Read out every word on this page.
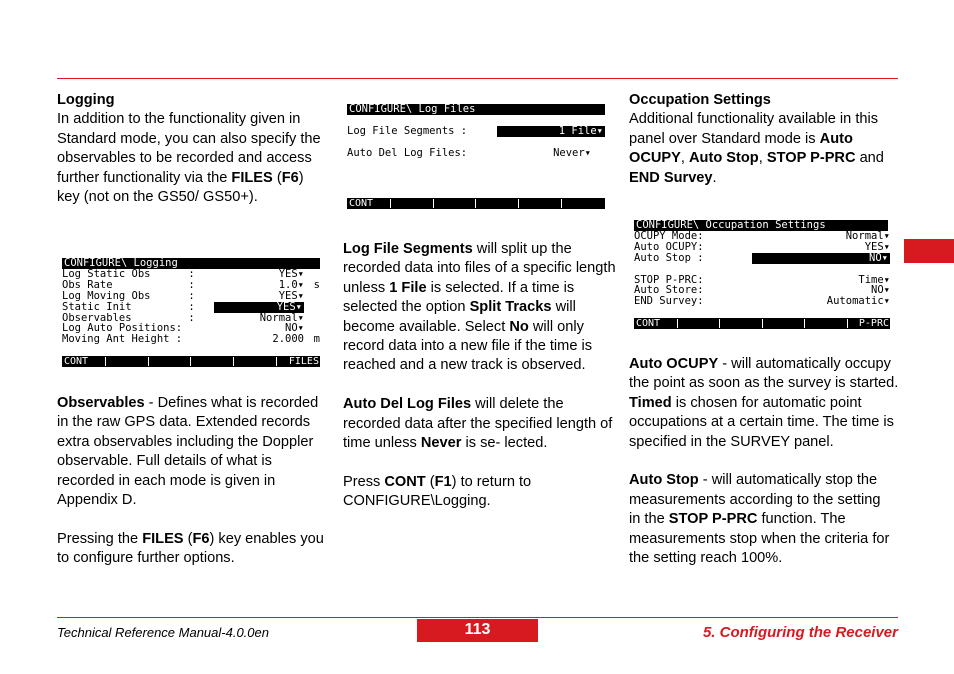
Logging

In addition to the functionality given in Standard mode, you can also specify the observables to be recorded and access further functionality via the FILES (F6) key (not on the GS50/ GS50+).

CONFIGURE\ Logging
Log Static Obs      :	YES▾
Obs Rate            :	1.0▾ s
Log Moving Obs      :	YES▾
Static Init         :	YES▾
Observables         :	Normal▾
Log Auto Positions:	NO▾
Moving Ant Height :	2.000 m
CONT	FILES

Observables - Defines what is recorded in the raw GPS data. Extended records extra observables including the Doppler observable. Full details of what is recorded in each mode is given in Appendix D.

Pressing the FILES (F6) key enables you to configure further options.

CONFIGURE\ Log Files
Log File Segments :	1 File▾
Auto Del Log Files:	Never▾
CONT

Log File Segments will split up the recorded data into files of a specific length unless 1 File is selected. If a time is selected the option Split Tracks will become available. Select No will only record data into a new file if the time is reached and a new track is observed.

Auto Del Log Files will delete the recorded data after the specified length of time unless Never is se- lected.

Press CONT (F1) to return to CONFIGURE\Logging.

Occupation Settings

Additional functionality available in this panel over Standard mode is Auto OCUPY, Auto Stop, STOP P-PRC and END Survey.

CONFIGURE\ Occupation Settings
OCUPY Mode:	Normal▾
Auto OCUPY:	YES▾
Auto Stop :	NO▾
STOP P-PRC:	Time▾
Auto Store:	NO▾
END Survey:	Automatic▾
CONT	P-PRC

Auto OCUPY - will automatically occupy the point as soon as the survey is started. Timed is chosen for automatic point occupations at a certain time. The time is specified in the SURVEY panel.

Auto Stop - will automatically stop the measurements according to the setting in the STOP P-PRC function. The measurements stop when the criteria for the setting reach 100%.

Technical Reference Manual-4.0.0en	113	5. Configuring the Receiver
